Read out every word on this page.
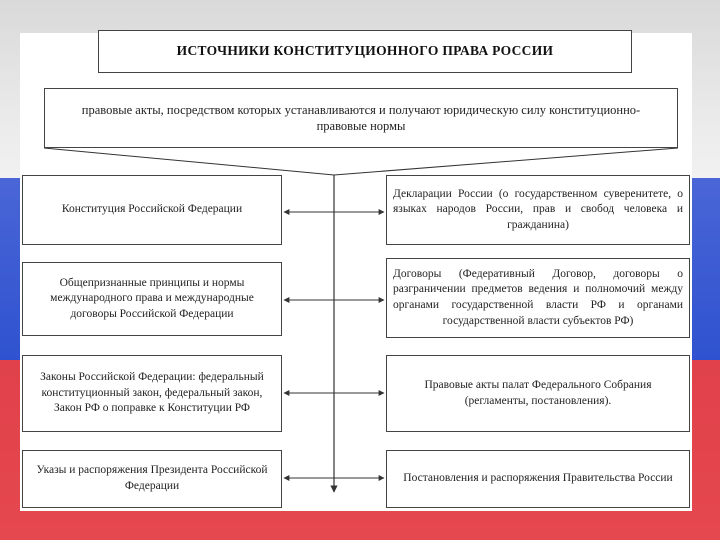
ИСТОЧНИКИ КОНСТИТУЦИОННОГО ПРАВА РОССИИ
правовые акты, посредством которых устанавливаются и получают юридическую силу конституционно-правовые нормы
Конституция Российской Федерации
Общепризнанные принципы и нормы международного права и международные договоры Российской Федерации
Законы Российской Федерации: федеральный конституционный закон, федеральный закон, Закон РФ о поправке к Конституции РФ
Указы и распоряжения Президента Российской Федерации
Декларации России (о государственном суверенитете, о языках народов России, прав и свобод человека и гражданина)
Договоры (Федеративный Договор, договоры о разграничении предметов ведения и полномочий между органами государственной власти РФ и органами государственной власти субъектов РФ)
Правовые акты палат Федерального Собрания (регламенты, постановления).
Постановления и распоряжения Правительства России
